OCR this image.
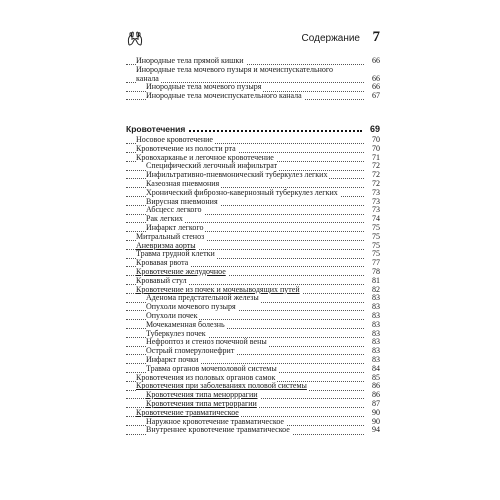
Содержание 7
Инородные тела прямой кишки	66
Инородные тела мочевого пузыря и мочеиспускательного
канала	66
Инородные тела мочевого пузыря	66
Инородные тела мочеиспускательного канала	67
Кровотечения	69
Носовое кровотечение	70
Кровотечение из полости рта	70
Кровохарканье и легочное кровотечение	71
Специфический легочный инфильтрат	72
Инфильтративно-пневмонический туберкулез легких	72
Казеозная пневмония	72
Хронический фиброзно-кавернозный туберкулез легких	73
Вирусная пневмония	73
Абсцесс легкого	73
Рак легких	74
Инфаркт легкого	75
Митральный стеноз	75
Аневризма аорты	75
Травма грудной клетки	75
Кровавая рвота	77
Кровотечение желудочное	78
Кровавый стул	81
Кровотечение из почек и мочевыводящих путей	82
Аденома предстательной железы	83
Опухоли мочевого пузыря	83
Опухоли почек	83
Мочекаменная болезнь	83
Туберкулез почек	83
Нефроптоз и стеноз почечной вены	83
Острый гломерулонефрит	83
Инфаркт почки	83
Травма органов мочеполовой системы	84
Кровотечения из половых органов самок	85
Кровотечения при заболеваниях половой системы	86
Кровотечения типа менорррагии	86
Кровотечения типа метроррагии	87
Кровотечение травматическое	90
Наружное кровотечение травматическое	90
Внутреннее кровотечение травматическое	94
